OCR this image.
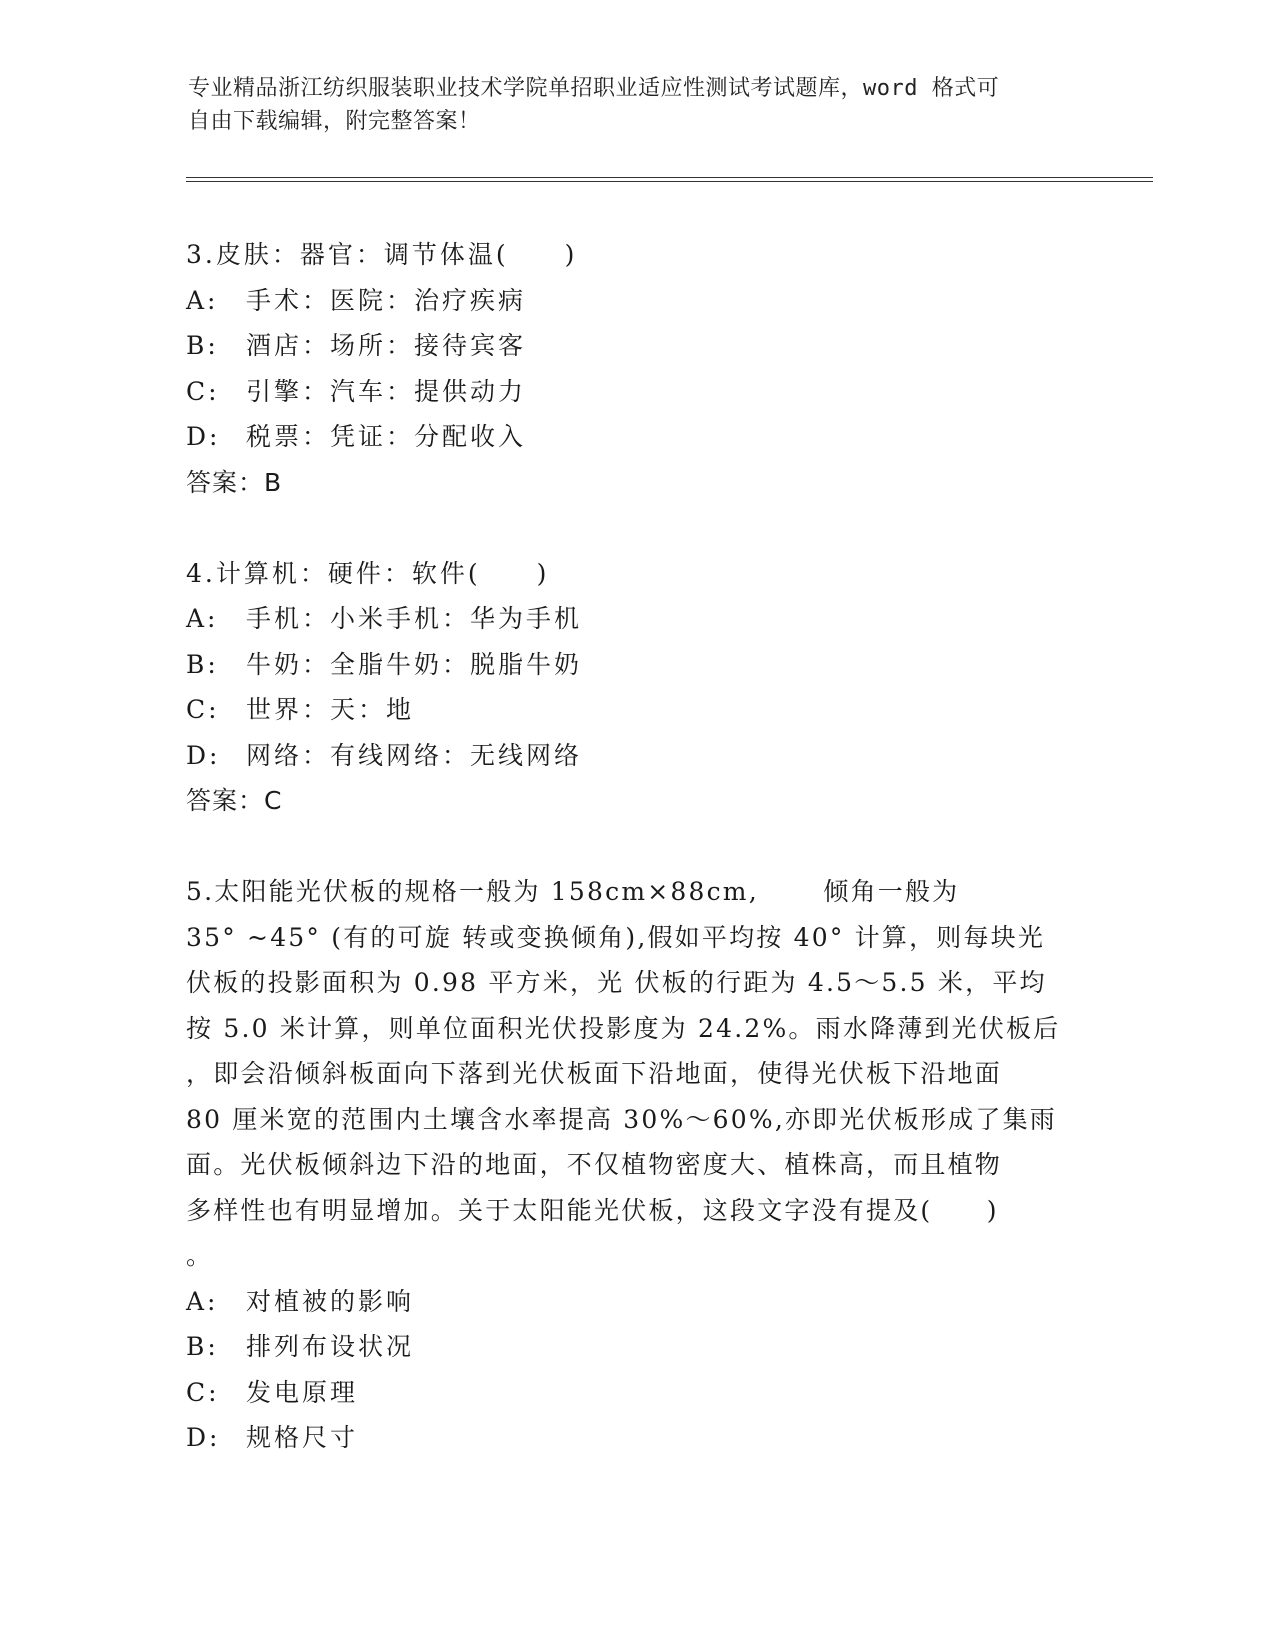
专业精品浙江纺织服装职业技术学院单招职业适应性测试考试题库，word 格式可
自由下载编辑，附完整答案！
3.皮肤：器官：调节体温(　　)
A:	手术：医院：治疗疾病
B:	酒店：场所：接待宾客
C:	引擎：汽车：提供动力
D:	税票：凭证：分配收入
答案：B
4.计算机：硬件：软件(　　)
A:	手机：小米手机：华为手机
B:	牛奶：全脂牛奶：脱脂牛奶
C:	世界：天：地
D:	网络：有线网络：无线网络
答案：C
5.太阳能光伏板的规格一般为 158cm×88cm,　　 倾角一般为
35° ~45° (有的可旋 转或变换倾角),假如平均按 40° 计算，则每块光
伏板的投影面积为 0.98 平方米，光 伏板的行距为 4.5～5.5 米，平均
按 5.0 米计算，则单位面积光伏投影度为 24.2%。雨水降薄到光伏板后
，即会沿倾斜板面向下落到光伏板面下沿地面，使得光伏板下沿地面
80 厘米宽的范围内土壤含水率提高 30%～60%,亦即光伏板形成了集雨
面。光伏板倾斜边下沿的地面，不仅植物密度大、植株高，而且植物
多样性也有明显增加。关于太阳能光伏板，这段文字没有提及(　　)
。
A:	对植被的影响
B:	排列布设状况
C:	发电原理
D:	规格尺寸
